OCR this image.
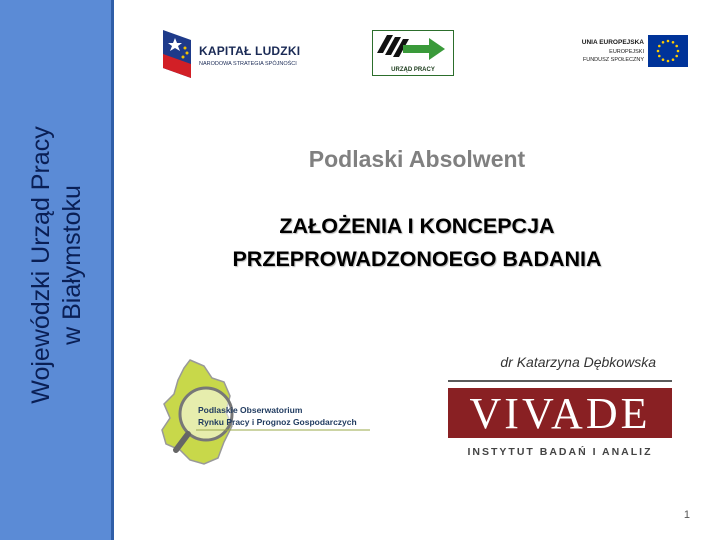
Wojewódzki Urząd Pracy w Białymstoku
KAPITAŁ LUDZKI
NARODOWA STRATEGIA SPÓJNOŚCI
URZĄD PRACY
UNIA EUROPEJSKA
EUROPEJSKI
FUNDUSZ SPOŁECZNY
Podlaski Absolwent
ZAŁOŻENIA I KONCEPCJA
PRZEPROWADZONOEGO BADANIA
dr Katarzyna Dębkowska
Podlaskie Obserwatorium
Rynku Pracy i Prognoz Gospodarczych	VIVADE
INSTYTUT BADAŃ I ANALIZ
1
